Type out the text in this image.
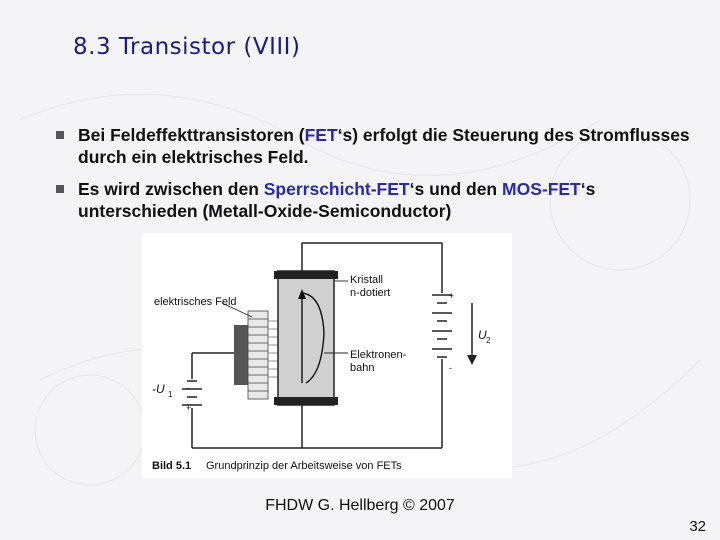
8.3 Transistor (VIII)
Bei Feldeffekttransistoren (FET‘s) erfolgt die Steuerung des Stromflusses durch ein elektrisches Feld.
Es wird zwischen den Sperrschicht-FET‘s und den MOS-FET‘s unterschieden (Metall-Oxide-Semiconductor)
+
-
-
+
elektrisches Feld
Kristall
n-dotiert
Elektronen-
bahn
-U 1
U 2
Bild 5.1 Grundprinzip der Arbeitsweise von FETs
FHDW G. Hellberg © 2007
32
